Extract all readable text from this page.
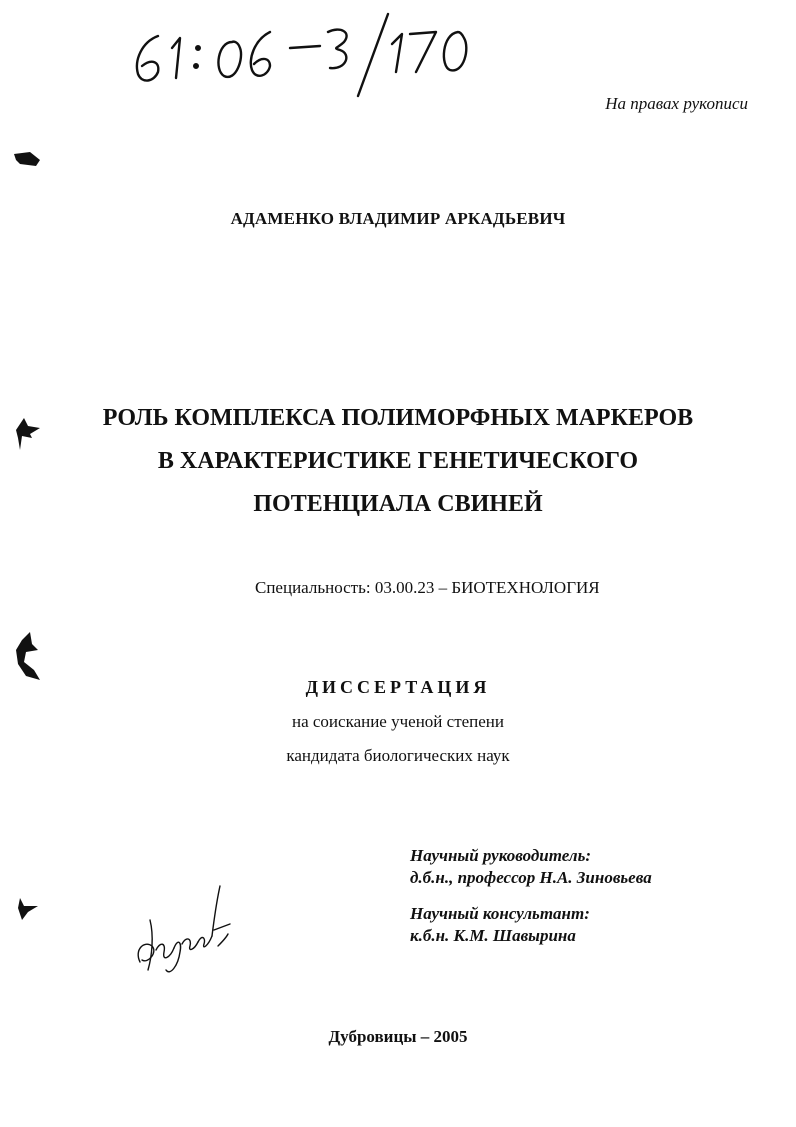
На правах рукописи
АДАМЕНКО ВЛАДИМИР АРКАДЬЕВИЧ
РОЛЬ КОМПЛЕКСА ПОЛИМОРФНЫХ МАРКЕРОВ
В ХАРАКТЕРИСТИКЕ ГЕНЕТИЧЕСКОГО
ПОТЕНЦИАЛА СВИНЕЙ
Специальность: 03.00.23 – БИОТЕХНОЛОГИЯ
ДИССЕРТАЦИЯ
на соискание ученой степени
кандидата биологических наук
Научный руководитель:
д.б.н., профессор Н.А. Зиновьева
Научный консультант:
к.б.н. К.М. Шавырина
Дубровицы – 2005
